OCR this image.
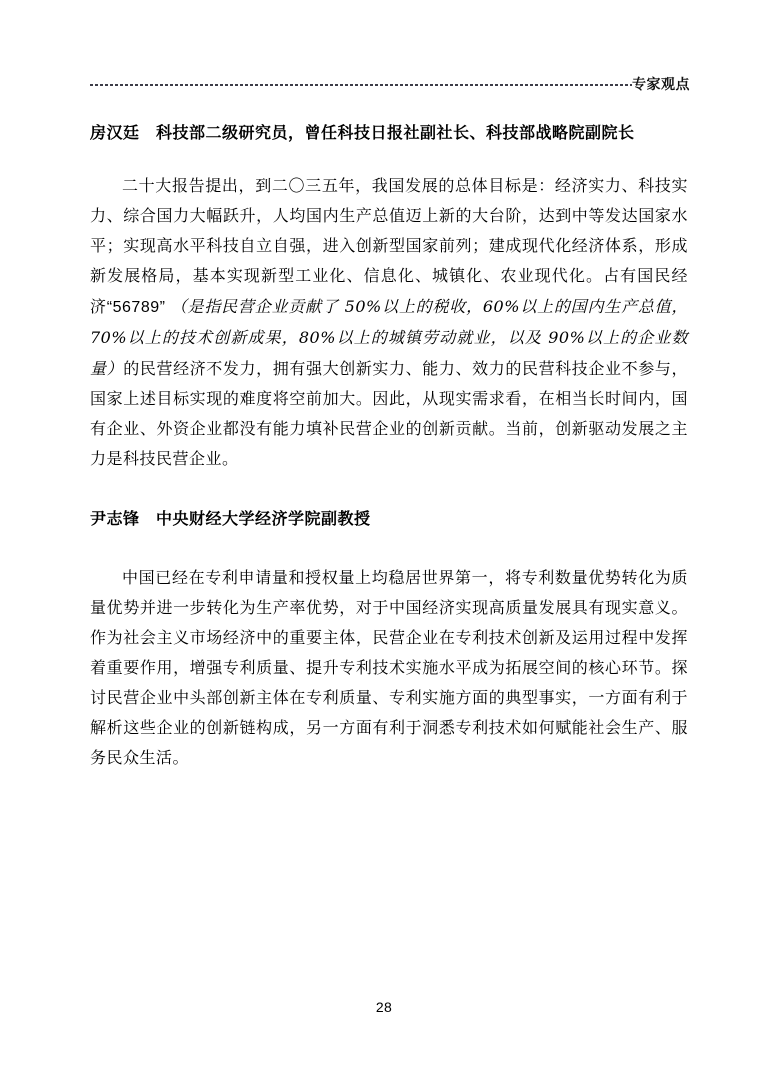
专家观点
房汉廷　科技部二级研究员，曾任科技日报社副社长、科技部战略院副院长

二十大报告提出，到二〇三五年，我国发展的总体目标是：经济实力、科技实力、综合国力大幅跃升，人均国内生产总值迈上新的大台阶，达到中等发达国家水平；实现高水平科技自立自强，进入创新型国家前列；建成现代化经济体系，形成新发展格局，基本实现新型工业化、信息化、城镇化、农业现代化。占有国民经济“56789” （是指民营企业贡献了 50%以上的税收，60%以上的国内生产总值，70%以上的技术创新成果，80%以上的城镇劳动就业，以及 90%以上的企业数量）的民营经济不发力，拥有强大创新实力、能力、效力的民营科技企业不参与，国家上述目标实现的难度将空前加大。因此，从现实需求看，在相当长时间内，国有企业、外资企业都没有能力填补民营企业的创新贡献。当前，创新驱动发展之主力是科技民营企业。

尹志锋　中央财经大学经济学院副教授

中国已经在专利申请量和授权量上均稳居世界第一，将专利数量优势转化为质量优势并进一步转化为生产率优势，对于中国经济实现高质量发展具有现实意义。作为社会主义市场经济中的重要主体，民营企业在专利技术创新及运用过程中发挥着重要作用，增强专利质量、提升专利技术实施水平成为拓展空间的核心环节。探讨民营企业中头部创新主体在专利质量、专利实施方面的典型事实，一方面有利于解析这些企业的创新链构成，另一方面有利于洞悉专利技术如何赋能社会生产、服务民众生活。

28
